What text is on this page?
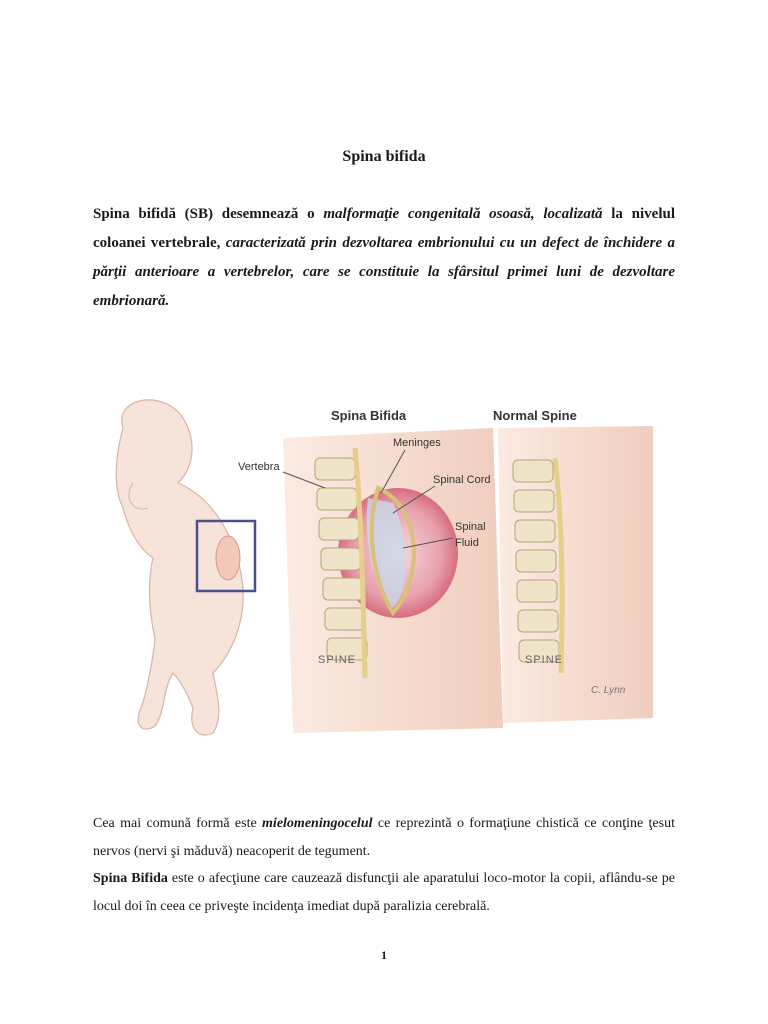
Spina bifida
Spina bifidă (SB) desemnează o malformaţie congenitală osoasă, localizată la nivelul coloanei vertebrale, caracterizată prin dezvoltarea embrionului cu un defect de închidere a părţii anterioare a vertebrelor, care se constituie la sfârsitul primei luni de dezvoltare embrionară.
Spina Bifida	Normal Spine
Meninges
Vertebra
Spinal Cord
Spinal
Fluid
SPINE	SPINE
C. Lynn
Cea mai comună formă este mielomeningocelul ce reprezintă o formaţiune chistică ce conţine ţesut nervos (nervi şi măduvă) neacoperit de tegument.
Spina Bifida este o afecţiune care cauzează disfuncţii ale aparatului loco-motor la copii, aflându-se pe locul doi în ceea ce priveşte incidenţa imediat după paralizia cerebrală.
1
